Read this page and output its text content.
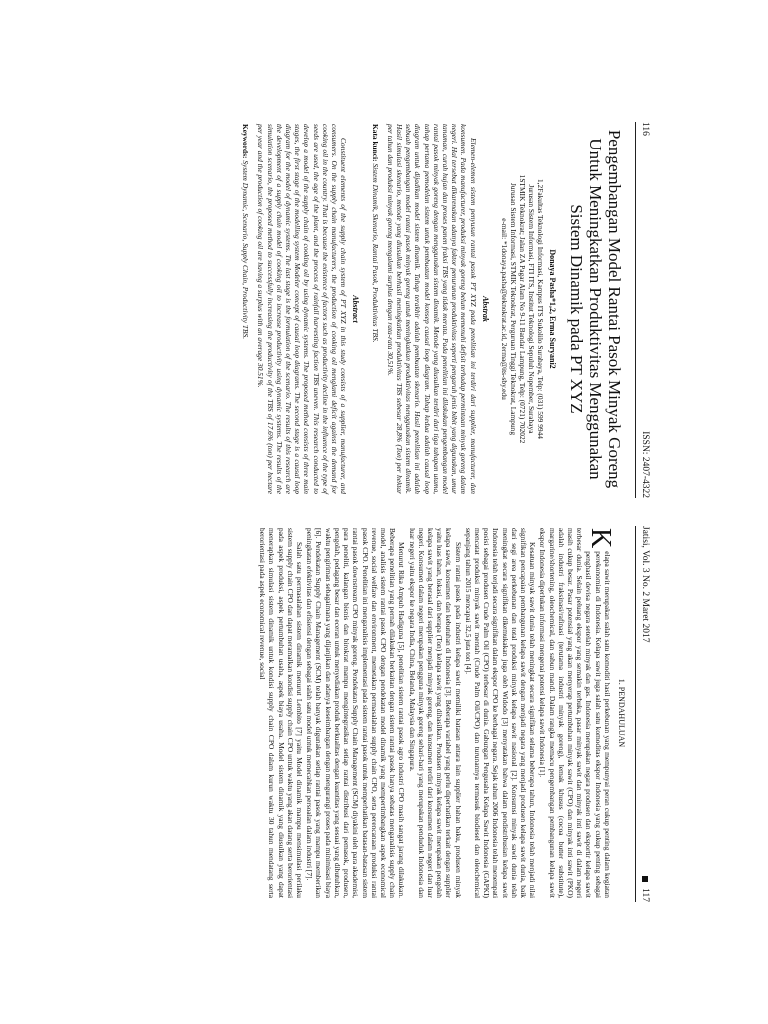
116
ISSN: 2407-4322
Pengembangan Model Rantai Pasok Minyak Goreng Untuk Meningkatkan Produktivitas Menggunakan Sistem Dinamik pada PT XYZ
Donaya Pasha*1,2, Erma Suryani2
1,2Fakultas Teknologi Informasi, Kampus ITS Sukolilo Surabaya, Telp: (031) 599 9944
Jurusan Sistem Informasi, FTI ITS, Institut Teknologi Sepuluh Nopember, Surabaya
1STMIK Teknokrat; Jalan ZA Pagar Alam No 9-11 Bandar Lampung, Telp: (0721) 702022
Jurusan Sistem Informasi, STMIK Teknokrat, Perguruan Tinggi Teknokrat, Lampung
e-mail: *1donaya.pasha@teknokrat.ac.id, 2erma@its-sby.edu
Abstrak

Elemen-elemen sistem penyusun rantai pasok PT XYZ pada penelitian ini terdiri dari supplier, manufacturer, dan konsumen. Pada manufacturer, produksi minyak goreng belum memenuhi defisit terhadap permintaan minyak goreng dalam negeri. Hal tersebut dikarenakan adanya faktor penurunan produktivitas seperti pengaruh jenis bibit yang digunakan, umur tanaman, curah hujan dan proses panen fraksi TBS yang tidak merata. Pada penelitian ini dilakukan pengembangan model rantai pasok minyak goreng dengan menggunakan sistem dinamik. Metode yang diusulkan terdiri dari tiga tahapan utama, tahap pertama pemodelan sistem untuk pembuatan model konsep causal loop diagram. Tahap kedua adalah causal loop diagram untuk dijadikan model sistem dinamik. Tahap terakhir adalah pembuatan skenario. Hasil penelitian ini adalah sebuah pengembangan model rantai pasok minyak goreng untuk meningkatkan produktivitas menggunakan sistem dinamik. Hasil simulasi skenario, metode yang diusulkan berhasil meningkatkan produktivitas TBS sebesar 28,8% (Ton) per hektar per tahun dan produksi minyak goreng mengalami surplus dengan rata-rata 30,51%.

Kata kunci: Sistem Dinamik, Skenario, Rantai Pasok, Produktivitas TBS.

Abstract

Constituent elements of the supply chain system of PT XYZ in this study consists of a supplier, manufacturer, and consumers. On the supply chain manufacturers, the production of cooking oil menglami deficit against the demand for cooking oil in the country. That is because the existence of factors such as productivity decline in the influence of the type of seeds are used, the age of the plant, and the process of rainfall harvesting faction TBS uneven. This research conducted to develop a model of the supply chain of cooking oil by using dynamic systems. The proposed method consists of three main stages, the first stage of the modelling system Modeler concept of causal loop diagrams. The second stage is a causal loop diagram for the model of dynamic systems. The last stage is the formulation of the scenario. The results of this research are the development of a supply chain model of cooking oil to increase productivity using dynamic systems. The results of the simulation scenario, the proposed method to successfully increasing the productivity of the TBS of 17.6% (ton) per hectare per year and the production of cooking oil are having a surplus with an average 30.51%.

Keywords: System Dynamic, Scenario, Supply Chain, Productivity TBS.

Jatisi, Vol. 3 No. 2 Maret 2017
117
1. PENDAHULUAN

K
elapa sawit merupakan salah satu komoditi hasil perkebunan yang mempunyai peran cukup penting dalam kegiatan perekonomian di Indonesia. Kelapa sawit juga salah satu komoditas ekspor Indonesia yang cukup penting sebagai penghasil devisa negara setelah minyak dan gas. Indonesia merupakan negara produsen dan eksportir kelapa sawit terbesar dunia. Selain peluang ekspor yang semakin terbuka, pasar minyak sawit dan minyak inti sawit di dalam negeri masih cukup besar. Pasar potensial yang akan menyerap pertumbuhan minyak sawit (CPO) dan minyak inti sawit (PKO) adalah industri fraksinasi/rafinasi (terutama industri minyak goreng), lemak khusus (cocoa butter substitute), margarine/shortening, oleochemical, dan sabun mandi. Dalam rangka memacu pengembangan pembangunan kelapa sawit ekspor Indonesia diperlukan informasi mengenai potensi kelapa sawit Indonesia [1].

Kesatuan minyak sawit dunia telah meningkat secara signifikan selama beberapa tahun, Indonesia telah menjadi nilai signifikan pencapaian pembangunan kelapa sawit dengan menjadi negara yang menjadi produsen kelapa sawit dunia, baik dari segi area perkebunan dan total produksi minyak kelapa sawit nasional [2]. Konsumsi minyak sawit dunia telah meningkat secara signifikan dikemukakan juga oleh Widodo [3] menyatakan bahwa dalam pendistribusian kelapa sawit Indonesia telah terjadi secara signifikan dalam ekspor CPO ke berbagai negara. Sejak tahun 2006 Indonesia telah menempati posisi sebagai produsen Crude Palm Oil (CPO) terbesar di dunia. Gabungan Pengusaha Kelapa Sawit Indonesia (GAPKI) mencatat produksi minyak sawit mentah (Crude Palm Oil/CPO) dan turunannya termasuk biodiesel dan oleochemical sepanjang tahun 2015 mencapai 32,5 juta ton [4].

Sistem rantai pasok pada industri kelapa sawit memiliki batasan antara lain supplier bahan baku, produsen minyak kelapa sawit, konsumen dan kebutuhan di Indonesia [3]. Beberapa variabel yang perlu diperhatikan terkait dengan supplier yaitu luas lahan, lokasi, dan berapa (Ton) kelapa sawit yang dihasilkan. Produsen minyak kelapa sawit merupakan pengolah kelapa sawit yang berasal dari supplier menjadi minyak goreng, dan konsumen terdiri dari konsumen dalam negeri dan luar negeri. Konsumen dalam negeri merupakan pengguna minyak goreng sehari-hari yang merupakan penduduk Indonesia dan luar negeri yaitu ekspor ke negara India, China, Belanda, Malaysia dan Singapura.

Menurut Rika Ampuh Hadiguna [5], penelitian sistem rantai pasok agro industri CPO masih sangat jarang dilakukan. Beberapa penelitian yang pernah dilakukan berkaitan dengan sistem rantai pasok hanya sebatas menganalisis supply chain model, analisis sistem rantai pasok CPO dengan pendekatan model dinamik yang mempertimbangkan aspek economical revenue, social welfare dan environment, memetakan permasalahan supply chain CPO, serta perencanaan produksi rantai pasok CPO. Penelitian ini menganalisis implementasi pada sistem rantai pasok untuk memperhatikan batasan-batasan sistem rantai pasok downstream CPO minyak goreng. Pendekatan Supply Chain Management (SCM) diyakini oleh para akademisi, para peneliti, kalangan bisnis dan birokrat mampu mengintegrasikan setiap rantai distribusi dari pemasok, produsen, pengolah, pedagang besar dan eceran untuk menyediakan produk berkualitas dengan kuantitas yang sesuai yang dibutuhkan, waktu pengiriman sebagaimana yang dijanjikan dan adanya keseimbangan dengan mengurangi proses pada minimisasi biaya [6]. Pendekatan Supply Chain Management (SCM) telah banyak digunakan setiap rantai pasok yang mampu memberikan peningkatan efektivitas dan efisiensi dengan sebagai salah satu model untuk memecahkan persoalan dalam industri [7].

Salah satu permasalahan sistem dinamik menurut Lembito [7] yaitu Model dinamik mampu mensimulasi perilaku sistem supply chain CPO dan dapat meramalkan kondisi supply chain CPO untuk waktu yang akan datang serta berorientasi pada aspek produksi, aspek pertumbuhan usaha, aspek biaya usaha. Model sistem dinamik yang diusulkan yang dapat menerapkan simulasi sistem dinamik untuk kondisi supply chain CPO dalam kurun waktu 30 tahun mendatang serta berorientasi pada aspek economical revenue, social
